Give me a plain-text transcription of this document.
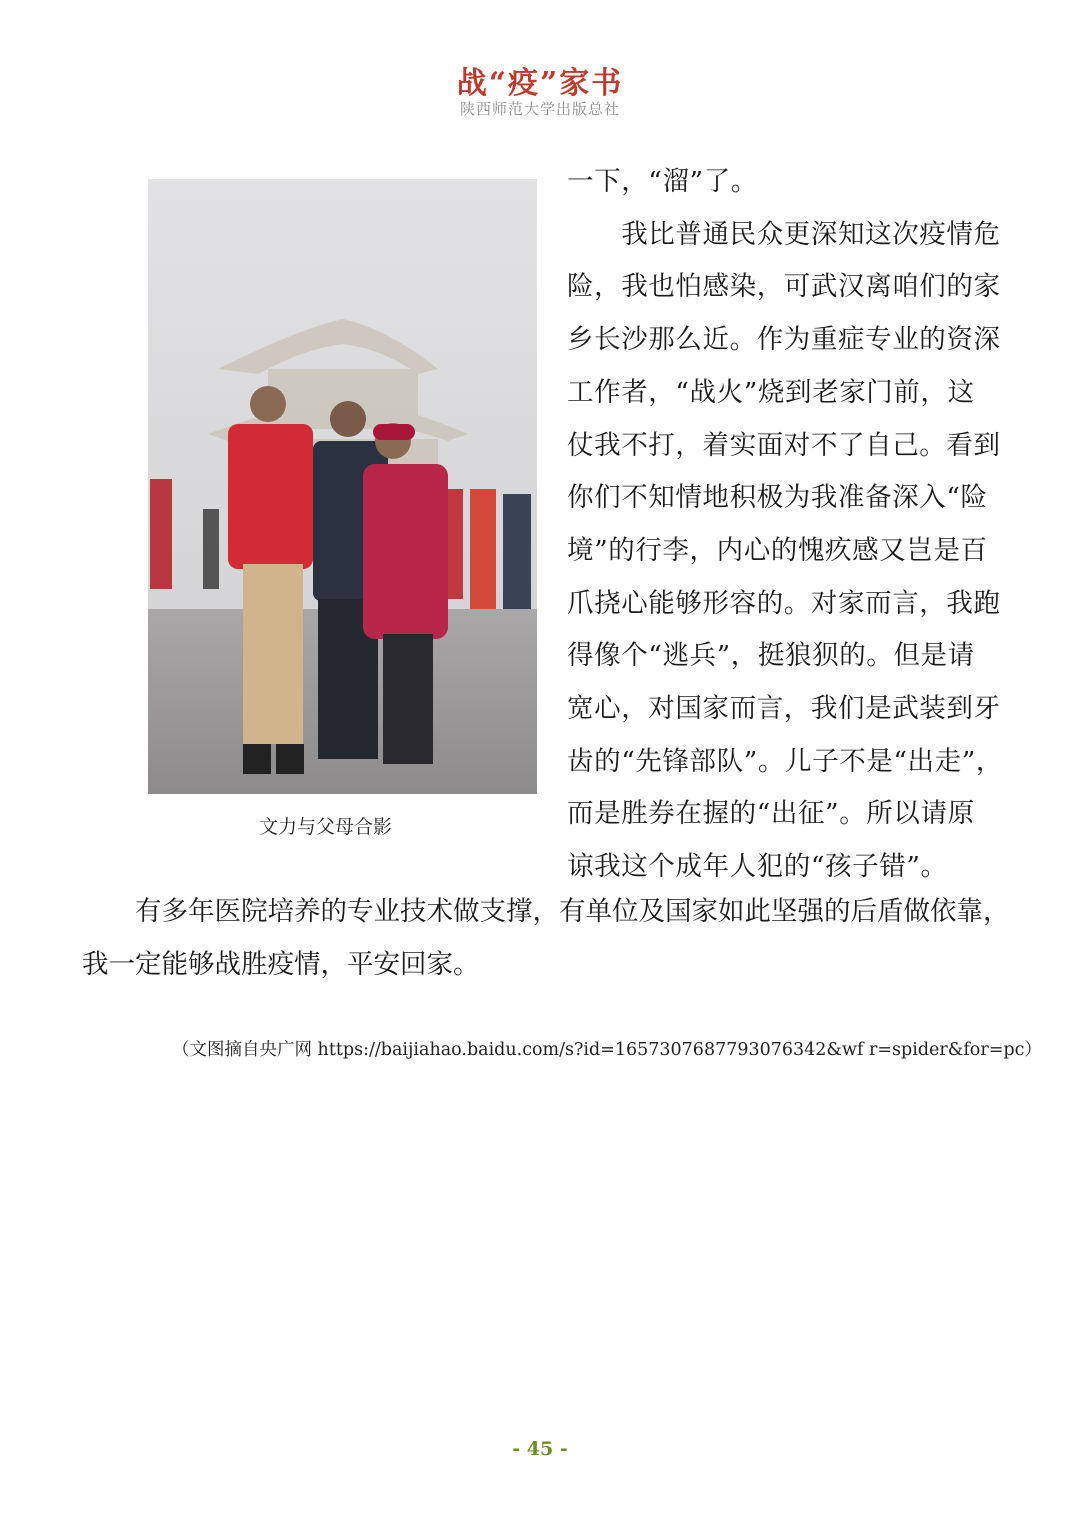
战“疫”家书
陕西师范大学出版总社
文力与父母合影
一下，“溜”了。
　　我比普通民众更深知这次疫情危
险，我也怕感染，可武汉离咱们的家
乡长沙那么近。作为重症专业的资深
工作者，“战火”烧到老家门前，这
仗我不打，着实面对不了自己。看到
你们不知情地积极为我准备深入“险
境”的行李，内心的愧疚感又岂是百
爪挠心能够形容的。对家而言，我跑
得像个“逃兵”，挺狼狈的。但是请
宽心，对国家而言，我们是武装到牙
齿的“先锋部队”。儿子不是“出走”，
而是胜券在握的“出征”。所以请原
谅我这个成年人犯的“孩子错”。
　　有多年医院培养的专业技术做支撑，有单位及国家如此坚强的后盾做依靠，
我一定能够战胜疫情，平安回家。
（文图摘自央广网 https://baijiahao.baidu.com/s?id=1657307687793076342&wf r=spider&for=pc）
- 45 -
